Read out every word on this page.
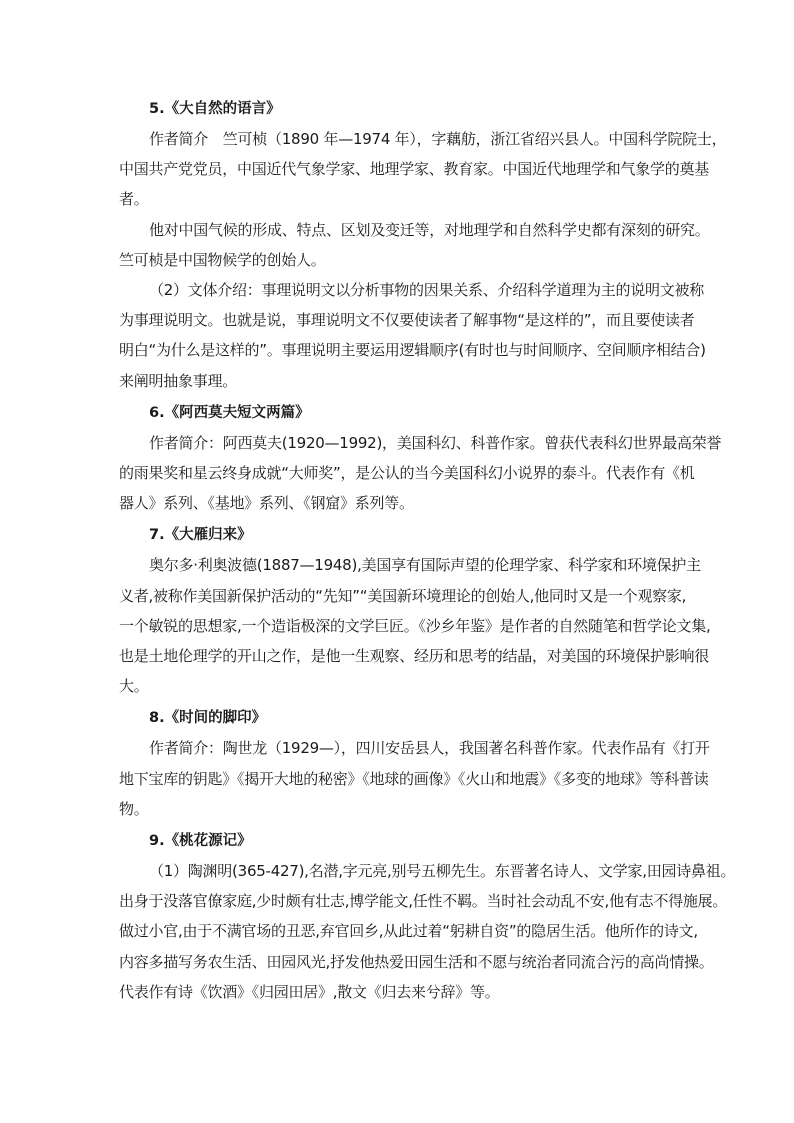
5.《大自然的语言》

作者简介　竺可桢（1890 年—1974 年），字藕舫，浙江省绍兴县人。中国科学院院士，
中国共产党党员，中国近代气象学家、地理学家、教育家。中国近代地理学和气象学的奠基
者。
他对中国气候的形成、特点、区划及变迁等，对地理学和自然科学史都有深刻的研究。
竺可桢是中国物候学的创始人。
（2）文体介绍：事理说明文以分析事物的因果关系、介绍科学道理为主的说明文被称
为事理说明文。也就是说，事理说明文不仅要使读者了解事物“是这样的”，而且要使读者
明白“为什么是这样的”。事理说明主要运用逻辑顺序(有时也与时间顺序、空间顺序相结合)
来阐明抽象事理。

6.《阿西莫夫短文两篇》

作者简介：阿西莫夫(1920—1992)，美国科幻、科普作家。曾获代表科幻世界最高荣誉
的雨果奖和星云终身成就“大师奖”，是公认的当今美国科幻小说界的泰斗。代表作有《机
器人》系列、《基地》系列、《钢窟》系列等。

7.《大雁归来》

奥尔多·利奥波德(1887—1948),美国享有国际声望的伦理学家、科学家和环境保护主
义者,被称作美国新保护活动的“先知”“美国新环境理论的创始人,他同时又是一个观察家,
一个敏锐的思想家,一个造诣极深的文学巨匠。《沙乡年鉴》是作者的自然随笔和哲学论文集,
也是土地伦理学的开山之作，是他一生观察、经历和思考的结晶，对美国的环境保护影响很
大。

8.《时间的脚印》

作者简介：陶世龙（1929—），四川安岳县人，我国著名科普作家。代表作品有《打开
地下宝库的钥匙》《揭开大地的秘密》《地球的画像》《火山和地震》《多变的地球》等科普读
物。

9.《桃花源记》

（1）陶渊明(365-427),名潜,字元亮,别号五柳先生。东晋著名诗人、文学家,田园诗鼻祖。
出身于没落官僚家庭,少时颇有壮志,博学能文,任性不羁。当时社会动乱不安,他有志不得施展。
做过小官,由于不满官场的丑恶,弃官回乡,从此过着“躬耕自资”的隐居生活。他所作的诗文,
内容多描写务农生活、田园风光,抒发他热爱田园生活和不愿与统治者同流合污的高尚情操。
代表作有诗《饮酒》《归园田居》,散文《归去来兮辞》等。
